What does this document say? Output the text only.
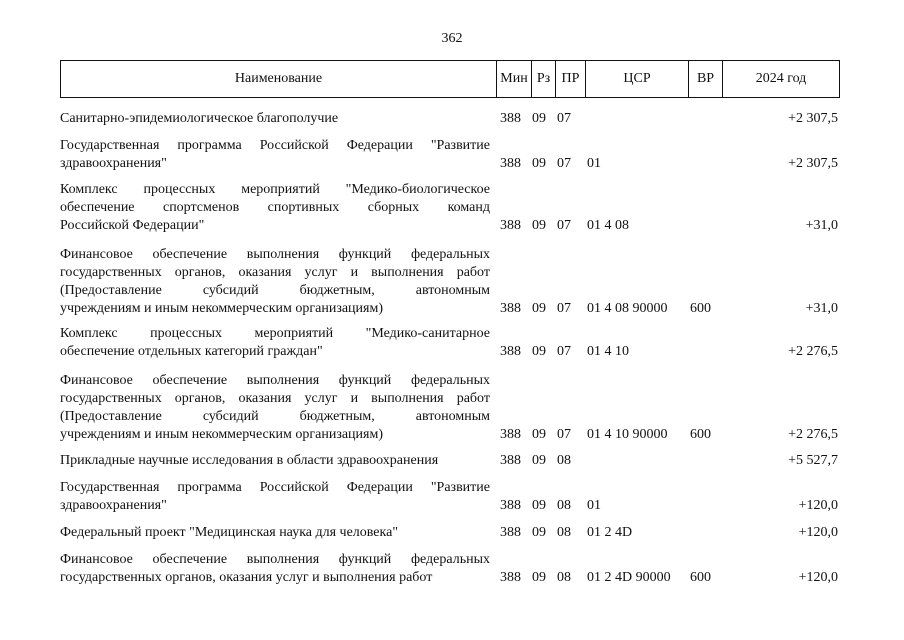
362
Наименование	Мин Рз ПР	ЦСР	ВР	2024 год
Санитарно-эпидемиологическое благополучие	388 09 07	+2 307,5
Государственная программа Российской Федерации "Развитие
здравоохранения"	388 09 07 01	+2 307,5
Комплекс процессных мероприятий "Медико-биологическое
обеспечение спортсменов спортивных сборных команд
Российской Федерации"	388 09 07 01 4 08	+31,0
Финансовое обеспечение выполнения функций федеральных
государственных органов, оказания услуг и выполнения работ
(Предоставление субсидий бюджетным, автономным
учреждениям и иным некоммерческим организациям)	388 09 07 01 4 08 90000 600	+31,0
Комплекс процессных мероприятий "Медико-санитарное
обеспечение отдельных категорий граждан"	388 09 07 01 4 10	+2 276,5
Финансовое обеспечение выполнения функций федеральных
государственных органов, оказания услуг и выполнения работ
(Предоставление субсидий бюджетным, автономным
учреждениям и иным некоммерческим организациям)	388 09 07 01 4 10 90000 600	+2 276,5
Прикладные научные исследования в области здравоохранения	388 09 08	+5 527,7
Государственная программа Российской Федерации "Развитие
здравоохранения"	388 09 08 01	+120,0
Федеральный проект "Медицинская наука для человека"	388 09 08 01 2 4D	+120,0
Финансовое обеспечение выполнения функций федеральных
государственных органов, оказания услуг и выполнения работ	388 09 08 01 2 4D 90000 600	+120,0
